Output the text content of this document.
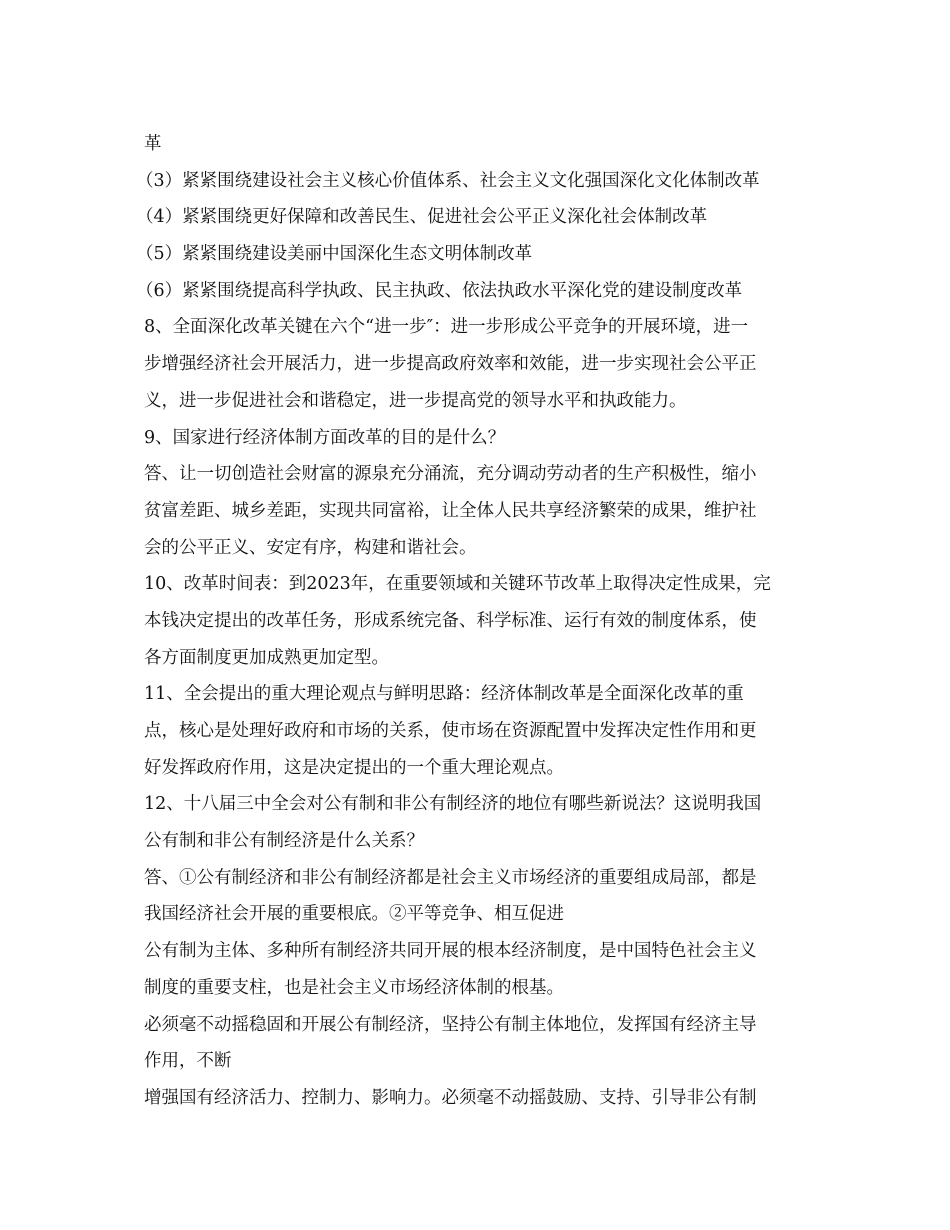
革
（3）紧紧围绕建设社会主义核心价值体系、社会主义文化强国深化文化体制改革
（4）紧紧围绕更好保障和改善民生、促进社会公平正义深化社会体制改革
（5）紧紧围绕建设美丽中国深化生态文明体制改革
（6）紧紧围绕提高科学执政、民主执政、依法执政水平深化党的建设制度改革
8、全面深化改革关键在六个“进一步″：进一步形成公平竞争的开展环境，进一
步增强经济社会开展活力，进一步提高政府效率和效能，进一步实现社会公平正
义，进一步促进社会和谐稳定，进一步提高党的领导水平和执政能力。
9、国家进行经济体制方面改革的目的是什么？
答、让一切创造社会财富的源泉充分涌流，充分调动劳动者的生产积极性，缩小
贫富差距、城乡差距，实现共同富裕，让全体人民共享经济繁荣的成果，维护社
会的公平正义、安定有序，构建和谐社会。
10、改革时间表：到2023年，在重要领域和关键环节改革上取得决定性成果，完
本钱决定提出的改革任务，形成系统完备、科学标准、运行有效的制度体系，使
各方面制度更加成熟更加定型。
11、全会提出的重大理论观点与鲜明思路：经济体制改革是全面深化改革的重
点，核心是处理好政府和市场的关系，使市场在资源配置中发挥决定性作用和更
好发挥政府作用，这是决定提出的一个重大理论观点。
12、十八届三中全会对公有制和非公有制经济的地位有哪些新说法？这说明我国
公有制和非公有制经济是什么关系？
答、①公有制经济和非公有制经济都是社会主义市场经济的重要组成局部，都是
我国经济社会开展的重要根底。②平等竞争、相互促进
公有制为主体、多种所有制经济共同开展的根本经济制度，是中国特色社会主义
制度的重要支柱，也是社会主义市场经济体制的根基。
必须毫不动摇稳固和开展公有制经济，坚持公有制主体地位，发挥国有经济主导
作用，不断
增强国有经济活力、控制力、影响力。必须毫不动摇鼓励、支持、引导非公有制
